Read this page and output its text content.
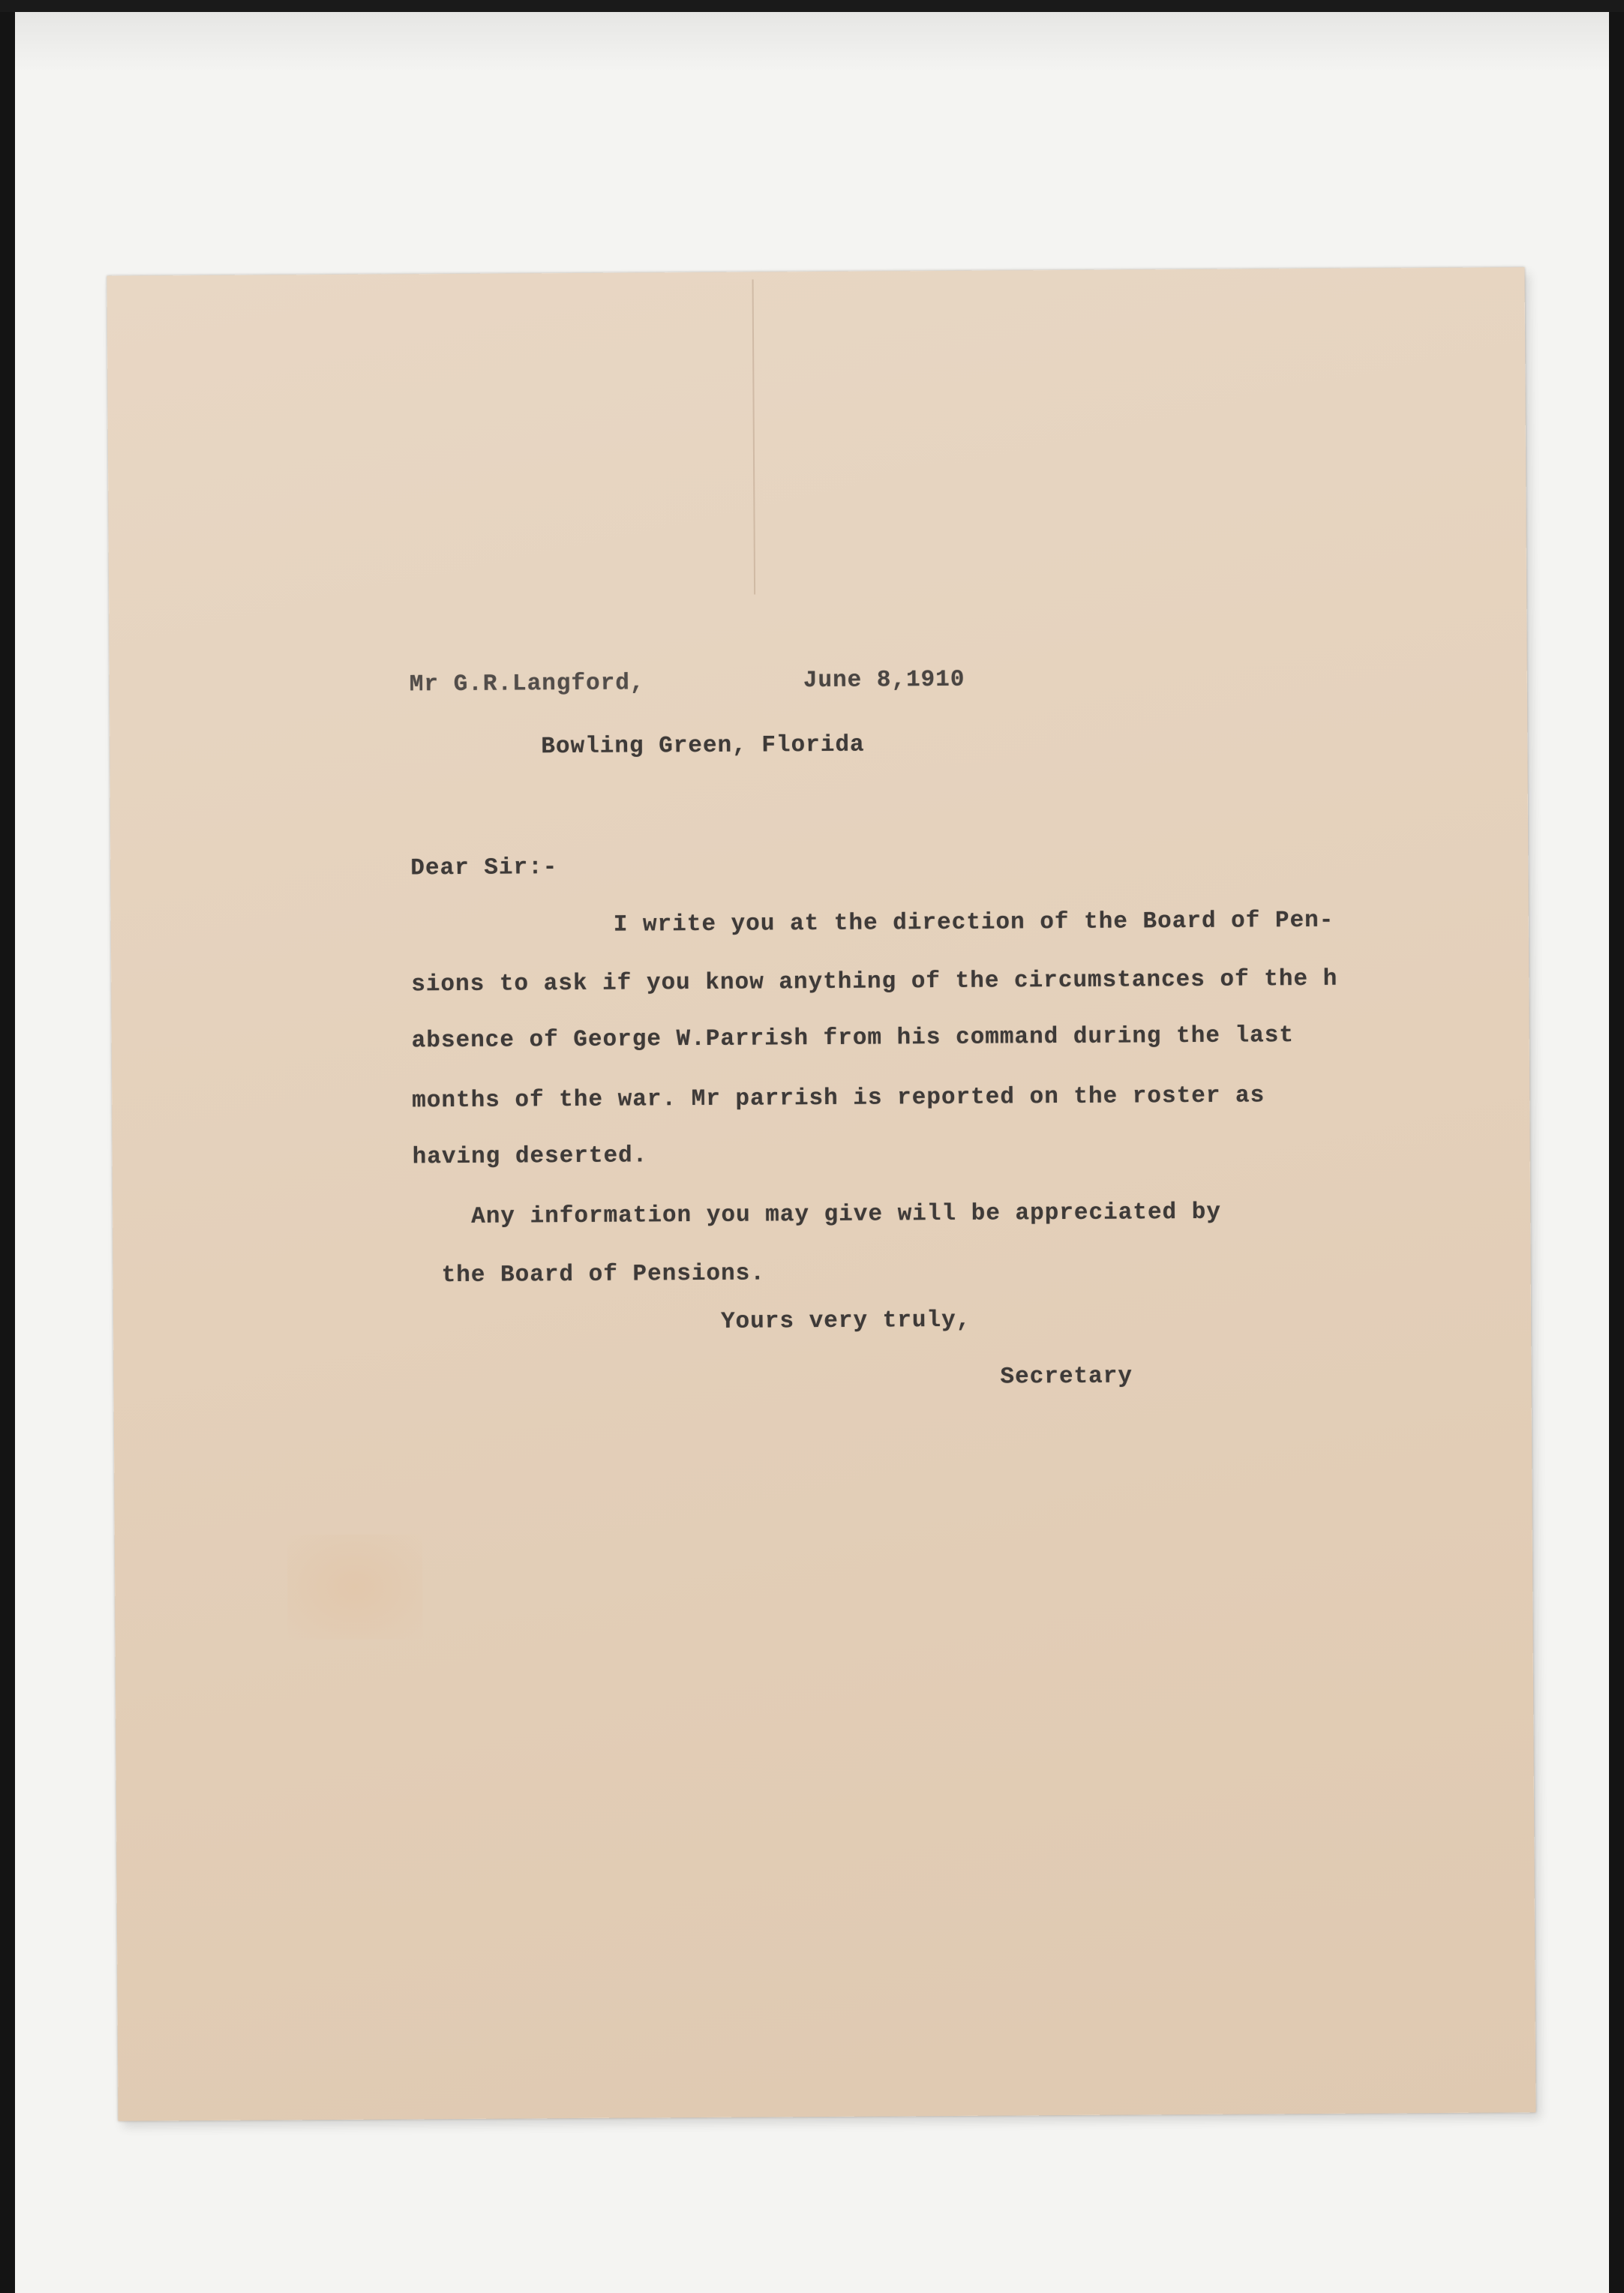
Mr G.R.Langford,	June 8,1910
Bowling Green, Florida
Dear Sir:-
I write you at the direction of the Board of Pen-
sions to ask if you know anything of the circumstances of the h
absence of George W.Parrish from his command during the last
months of the war. Mr parrish is reported on the roster as
having deserted.
Any information you may give will be appreciated by
the Board of Pensions.
Yours very truly,
Secretary
